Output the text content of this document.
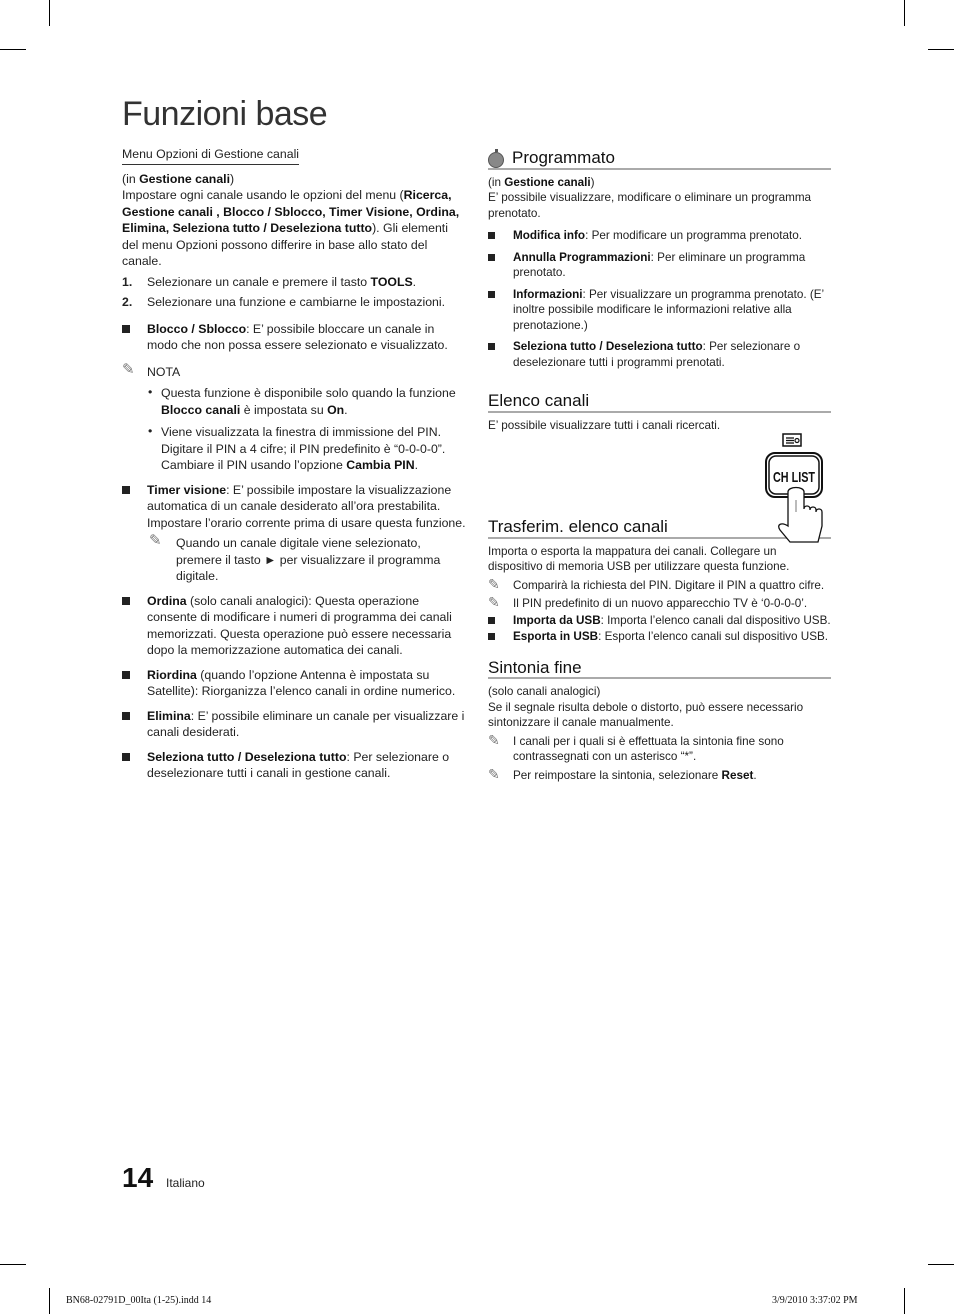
Funzioni base
Menu Opzioni di Gestione canali

(in Gestione canali)

Impostare ogni canale usando le opzioni del menu (Ricerca, Gestione canali , Blocco / Sblocco, Timer Visione, Ordina, Elimina, Seleziona tutto / Deseleziona tutto). Gli elementi del menu Opzioni possono differire in base allo stato del canale.

1. Selezionare un canale e premere il tasto TOOLS.
2. Selezionare una funzione e cambiarne le impostazioni.
Blocco / Sblocco: E’ possibile bloccare un canale in modo che non possa essere selezionato e visualizzato.
✎ NOTA
• Questa funzione è disponibile solo quando la funzione Blocco canali è impostata su On.
• Viene visualizzata la finestra di immissione del PIN. Digitare il PIN a 4 cifre; il PIN predefinito è “0-0-0-0”. Cambiare il PIN usando l’opzione Cambia PIN.
Timer visione: E’ possibile impostare la visualizzazione automatica di un canale desiderato all’ora prestabilita. Impostare l’orario corrente prima di usare questa funzione.
✎ Quando un canale digitale viene selezionato, premere il tasto ► per visualizzare il programma digitale.
Ordina (solo canali analogici): Questa operazione consente di modificare i numeri di programma dei canali memorizzati. Questa operazione può essere necessaria dopo la memorizzazione automatica dei canali.
Riordina (quando l’opzione Antenna è impostata su Satellite): Riorganizza l’elenco canali in ordine numerico.
Elimina: E’ possibile eliminare un canale per visualizzare i canali desiderati.
Seleziona tutto / Deseleziona tutto: Per selezionare o deselezionare tutti i canali in gestione canali.
Programmato

(in Gestione canali)

E’ possibile visualizzare, modificare o eliminare un programma prenotato.

Modifica info: Per modificare un programma prenotato.
Annulla Programmazioni: Per eliminare un programma prenotato.
Informazioni: Per visualizzare un programma prenotato. (E’ inoltre possibile modificare le informazioni relative alla prenotazione.)
Seleziona tutto / Deseleziona tutto: Per selezionare o deselezionare tutti i programmi prenotati.
Elenco canali

E’ possibile visualizzare tutti i canali ricercati.

Trasferim. elenco canali

Importa o esporta la mappatura dei canali. Collegare un dispositivo di memoria USB per utilizzare questa funzione.

✎ Comparirà la richiesta del PIN. Digitare il PIN a quattro cifre.
✎ Il PIN predefinito di un nuovo apparecchio TV è ‘0-0-0-0’.
Importa da USB: Importa l’elenco canali dal dispositivo USB.
Esporta in USB: Esporta l’elenco canali sul dispositivo USB.
Sintonia fine

(solo canali analogici)

Se il segnale risulta debole o distorto, può essere necessario sintonizzare il canale manualmente.

✎ I canali per i quali si è effettuata la sintonia fine sono contrassegnati con un asterisco “*”.
✎ Per reimpostare la sintonia, selezionare Reset.
CH LIST
14 Italiano
BN68-02791D_00Ita (1-25).indd 14	3/9/2010 3:37:02 PM
